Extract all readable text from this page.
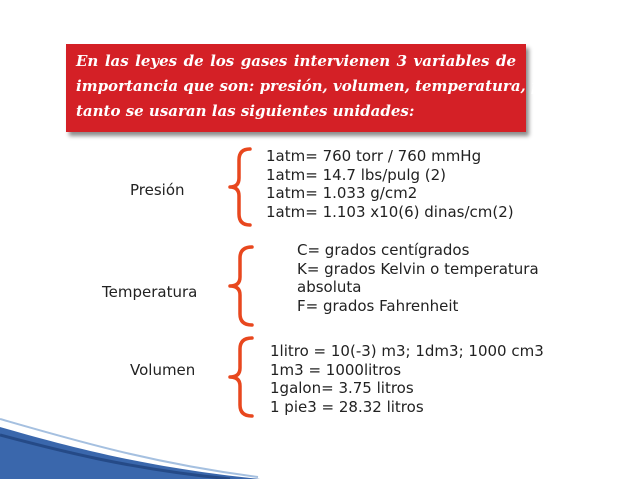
En las leyes de los gases intervienen 3 variables de
importancia que son: presión, volumen, temperatura, por lo
tanto se usaran las siguientes unidades:
Presión
1atm= 760 torr / 760 mmHg
1atm= 14.7 lbs/pulg (2)
1atm= 1.033 g/cm2
1atm= 1.103 x10(6) dinas/cm(2)
Temperatura
C= grados centígrados
K= grados Kelvin o temperatura
absoluta
F= grados Fahrenheit
Volumen
1litro = 10(-3) m3; 1dm3; 1000 cm3
1m3 = 1000litros
1galon= 3.75 litros
1 pie3 = 28.32 litros
